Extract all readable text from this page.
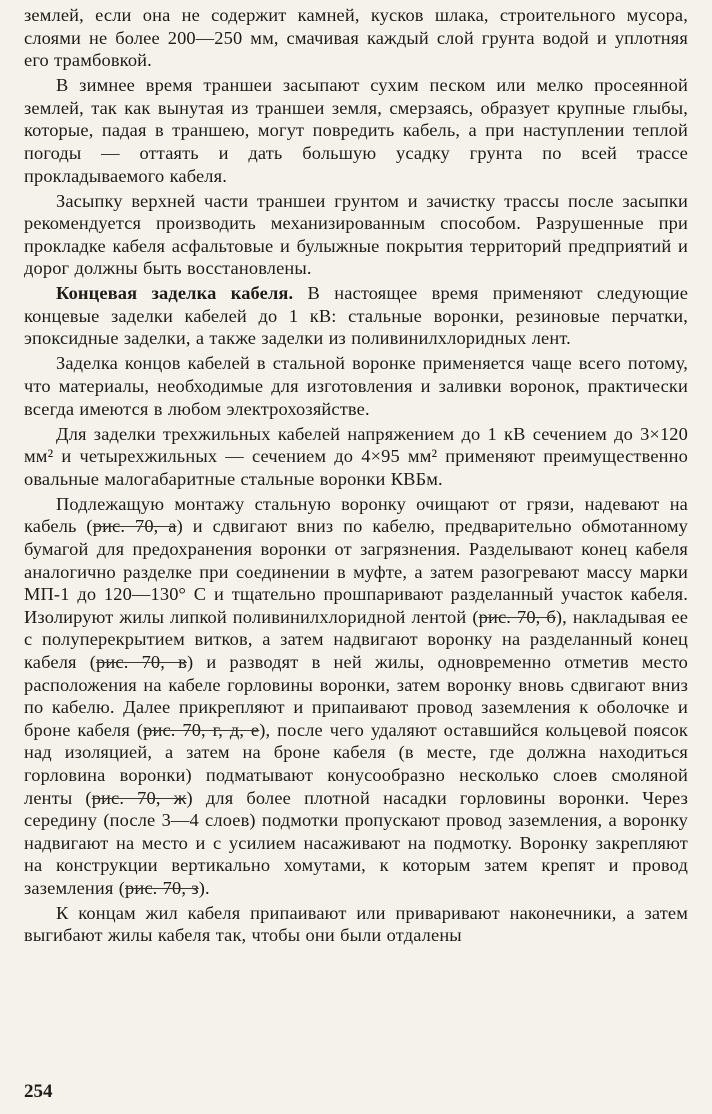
землей, если она не содержит камней, кусков шлака, строительного мусора, слоями не более 200—250 мм, смачивая каждый слой грунта водой и уплотняя его трамбовкой.

В зимнее время траншеи засыпают сухим песком или мелко просеянной землей, так как вынутая из траншеи земля, смерзаясь, образует крупные глыбы, которые, падая в траншею, могут повредить кабель, а при наступлении теплой погоды — оттаять и дать большую усадку грунта по всей трассе прокладываемого кабеля.

Засыпку верхней части траншеи грунтом и зачистку трассы после засыпки рекомендуется производить механизированным способом. Разрушенные при прокладке кабеля асфальтовые и булыжные покрытия территорий предприятий и дорог должны быть восстановлены.

Концевая заделка кабеля. В настоящее время применяют следующие концевые заделки кабелей до 1 кВ: стальные воронки, резиновые перчатки, эпоксидные заделки, а также заделки из поливинилхлоридных лент.

Заделка концов кабелей в стальной воронке применяется чаще всего потому, что материалы, необходимые для изготовления и заливки воронок, практически всегда имеются в любом электрохозяйстве.

Для заделки трехжильных кабелей напряжением до 1 кВ сечением до 3×120 мм² и четырехжильных — сечением до 4×95 мм² применяют преимущественно овальные малогабаритные стальные воронки КВБм.

Подлежащую монтажу стальную воронку очищают от грязи, надевают на кабель (рис. 70, а) и сдвигают вниз по кабелю, предварительно обмотанному бумагой для предохранения воронки от загрязнения. Разделывают конец кабеля аналогично разделке при соединении в муфте, а затем разогревают массу марки МП-1 до 120—130° С и тщательно прошпаривают разделанный участок кабеля. Изолируют жилы липкой поливинилхлоридной лентой (рис. 70, б), накладывая ее с полуперекрытием витков, а затем надвигают воронку на разделанный конец кабеля (рис. 70, в) и разводят в ней жилы, одновременно отметив место расположения на кабеле горловины воронки, затем воронку вновь сдвигают вниз по кабелю. Далее прикрепляют и припаивают провод заземления к оболочке и броне кабеля (рис. 70, г, д, е), после чего удаляют оставшийся кольцевой поясок над изоляцией, а затем на броне кабеля (в месте, где должна находиться горловина воронки) подматывают конусообразно несколько слоев смоляной ленты (рис. 70, ж) для более плотной насадки горловины воронки. Через середину (после 3—4 слоев) подмотки пропускают провод заземления, а воронку надвигают на место и с усилием насаживают на подмотку. Воронку закрепляют на конструкции вертикально хомутами, к которым затем крепят и провод заземления (рис. 70, з).

К концам жил кабеля припаивают или приваривают наконечники, а затем выгибают жилы кабеля так, чтобы они были отдалены

254
